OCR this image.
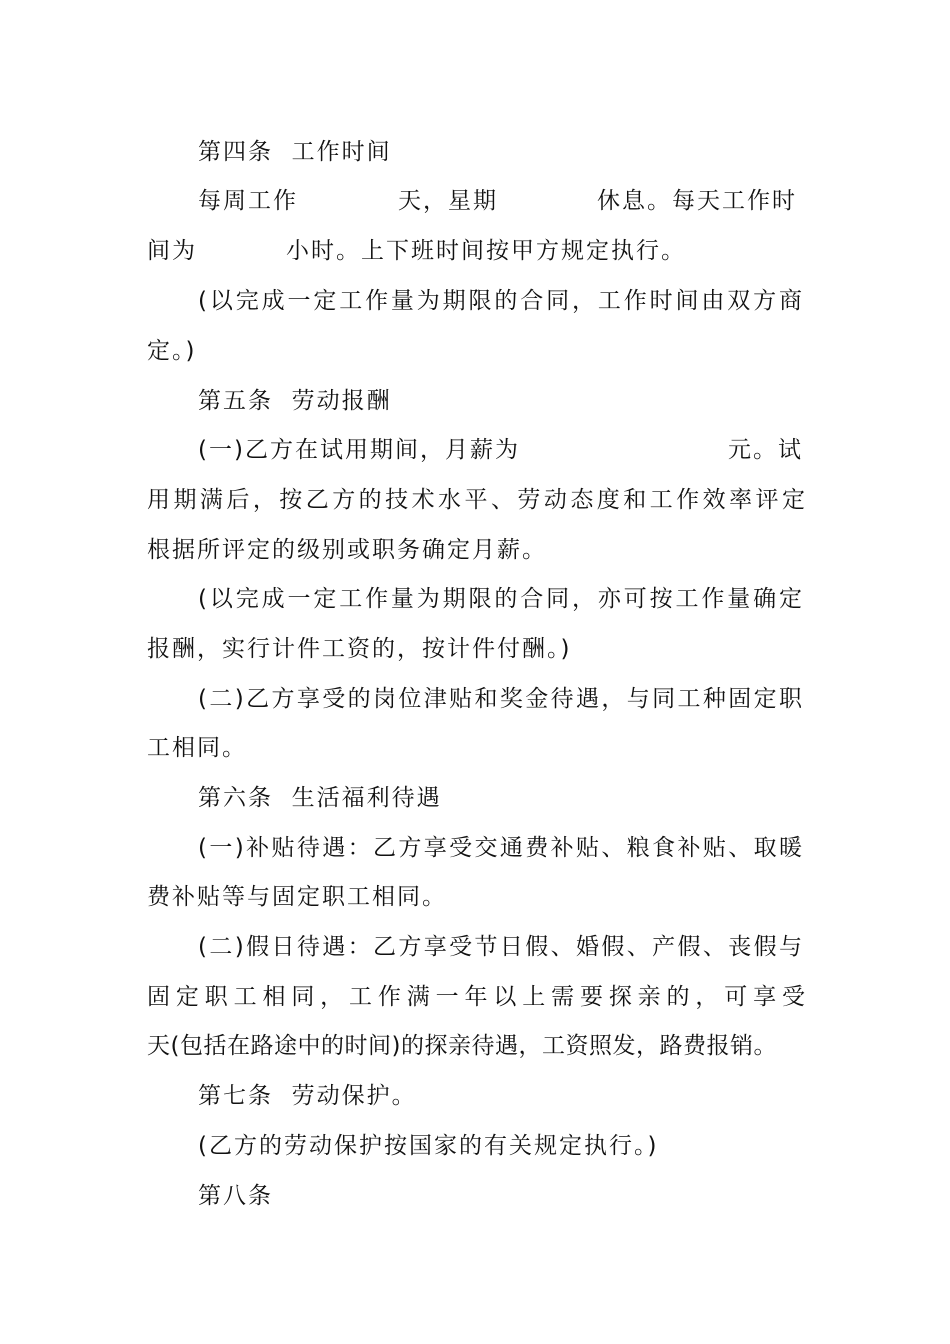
第四条  工作时间
每周工作	天，星期	休息。每天工作时
间为	小时。上下班时间按甲方规定执行。
(以完成一定工作量为期限的合同，工作时间由双方商
定。)
第五条  劳动报酬
(一)乙方在试用期间，月薪为	元。试
用期满后，按乙方的技术水平、劳动态度和工作效率评定
根据所评定的级别或职务确定月薪。
(以完成一定工作量为期限的合同，亦可按工作量确定
报酬，实行计件工资的，按计件付酬。)
(二)乙方享受的岗位津贴和奖金待遇，与同工种固定职
工相同。
第六条  生活福利待遇
(一)补贴待遇：乙方享受交通费补贴、粮食补贴、取暖
费补贴等与固定职工相同。
(二)假日待遇：乙方享受节日假、婚假、产假、丧假与
固定职工相同，工作满一年以上需要探亲的，可享受
天(包括在路途中的时间)的探亲待遇，工资照发，路费报销。
第七条  劳动保护。
(乙方的劳动保护按国家的有关规定执行。)
第八条
